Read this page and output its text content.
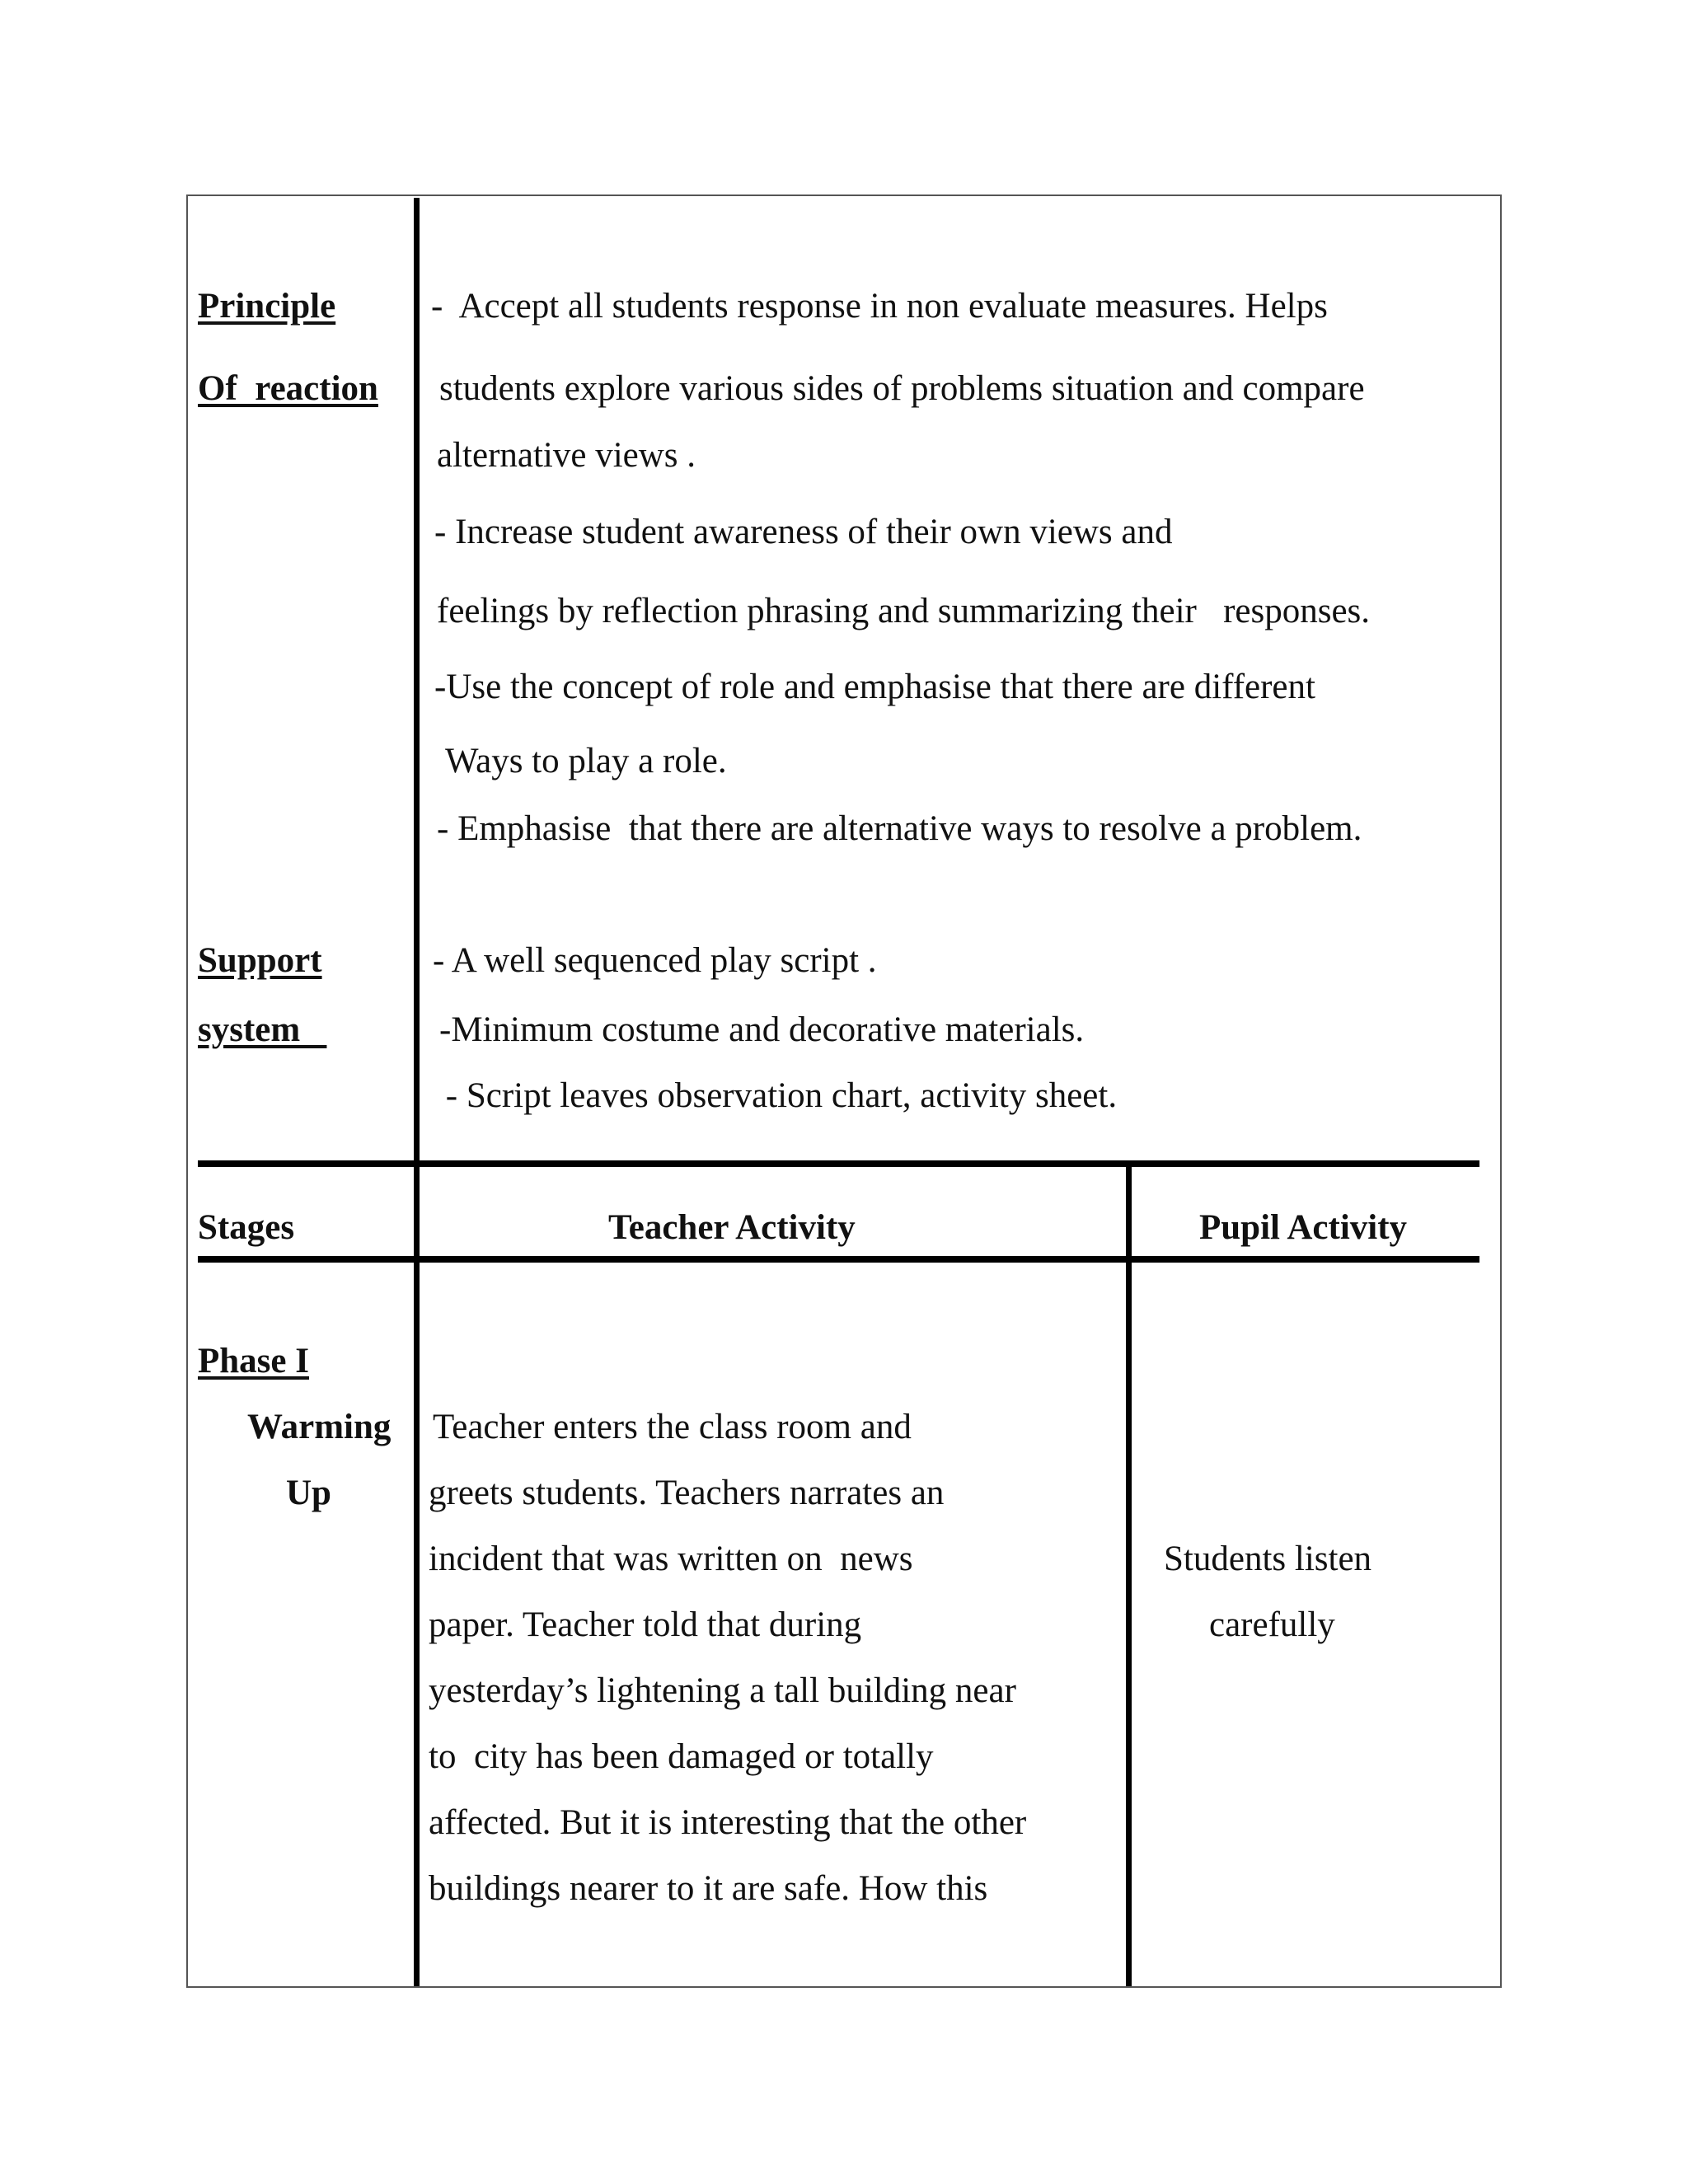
Principle
Of  reaction
-  Accept all students response in non evaluate measures. Helps
students explore various sides of problems situation and compare
alternative views .
- Increase student awareness of their own views and
feelings by reflection phrasing and summarizing their   responses.
-Use the concept of role and emphasise that there are different
Ways to play a role.
- Emphasise  that there are alternative ways to resolve a problem.
Support
system
- A well sequenced play script .
-Minimum costume and decorative materials.
- Script leaves observation chart, activity sheet.
Stages	Teacher Activity	Pupil Activity
Phase I
Warming
Up
Teacher enters the class room and
greets students. Teachers narrates an
incident that was written on  news
paper. Teacher told that during
yesterday’s lightening a tall building near
to  city has been damaged or totally
affected. But it is interesting that the other
buildings nearer to it are safe. How this
Students listen
carefully
